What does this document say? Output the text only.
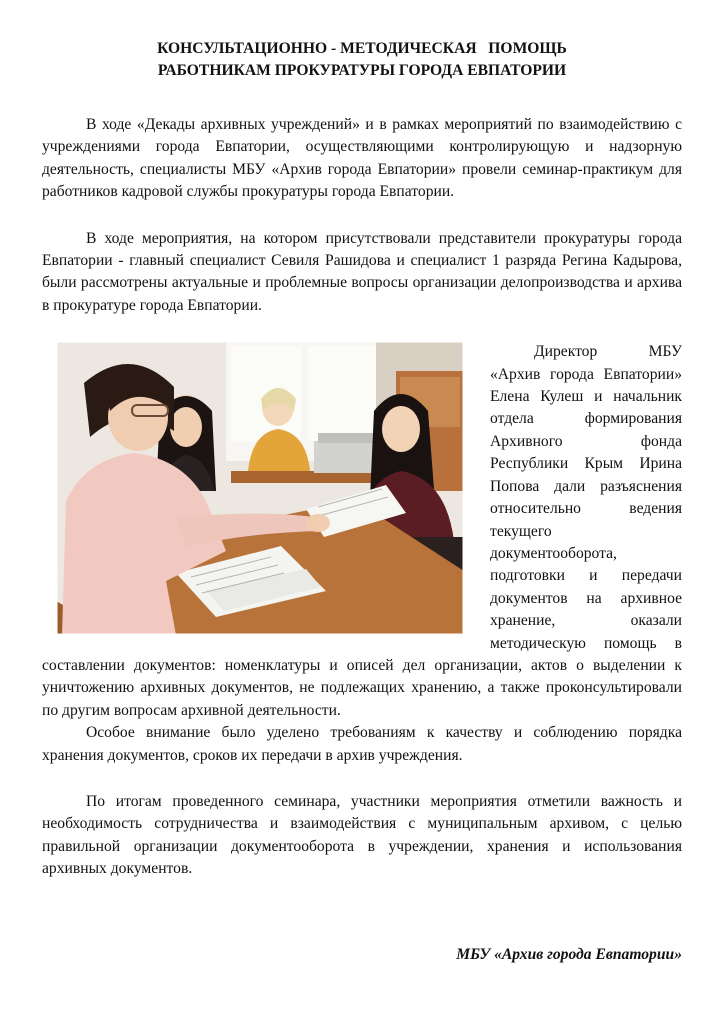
КОНСУЛЬТАЦИОННО - МЕТОДИЧЕСКАЯ   ПОМОЩЬ
РАБОТНИКАМ ПРОКУРАТУРЫ ГОРОДА ЕВПАТОРИИ

В ходе «Декады архивных учреждений» и в рамках мероприятий по взаимодействию с учреждениями города Евпатории, осуществляющими контролирующую и надзорную деятельность, специалисты МБУ «Архив города Евпатории» провели семинар-практикум для работников кадровой службы прокуратуры города Евпатории.

В ходе мероприятия, на котором присутствовали представители прокуратуры города Евпатории - главный специалист Севиля Рашидова и специалист 1 разряда Регина Кадырова, были рассмотрены актуальные и проблемные вопросы организации делопроизводства и архива в прокуратуре города Евпатории.

Директор МБУ «Архив города Евпатории» Елена Кулеш и начальник отдела формирования Архивного фонда Республики Крым Ирина Попова дали разъяснения относительно ведения текущего документооборота, подготовки и передачи документов на архивное хранение, оказали методическую помощь в составлении документов: номенклатуры и описей дел организации, актов о выделении к уничтожению архивных документов, не подлежащих хранению, а также проконсультировали по другим вопросам архивной деятельности.

Особое внимание было уделено требованиям к качеству и соблюдению порядка хранения документов, сроков их передачи в архив учреждения.

По итогам проведенного семинара, участники мероприятия отметили важность и необходимость сотрудничества и взаимодействия с муниципальным архивом, с целью правильной организации документооборота в учреждении, хранения и использования архивных документов.

МБУ «Архив города Евпатории»
